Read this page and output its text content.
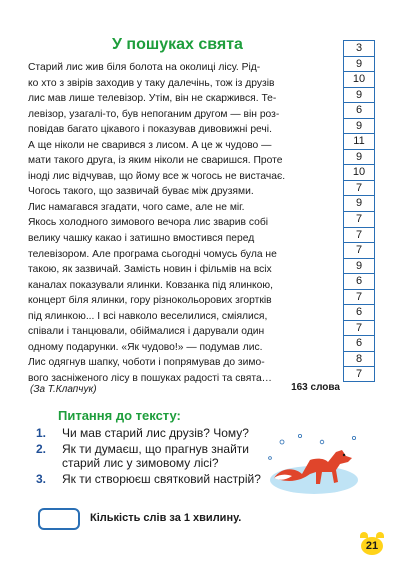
У пошуках свята
Старий лис жив біля болота на околиці лісу. Рід-
ко хто з звірів заходив у таку далечінь, тож із друзів
лис мав лише телевізор. Утім, він не скаржився. Те-
левізор, узагалі-то, був непоганим другом — він роз-
повідав багато цікавого і показував дивовижні речі.
А ще ніколи не сварився з лисом. А це ж чудово —
мати такого друга, із яким ніколи не сваришся. Проте
іноді лис відчував, що йому все ж чогось не вистачає.
Чогось такого, що зазвичай буває між друзями.
Лис намагався згадати, чого саме, але не міг.
Якось холодного зимового вечора лис зварив собі
велику чашку какао і затишно вмостився перед
телевізором. Але програма сьогодні чомусь була не
такою, як зазвичай. Замість новин і фільмів на всіх
каналах показували ялинки. Ковзанка під ялинкою,
концерт біля ялинки, гору різнокольорових згортків
під ялинкою... І всі навколо веселилися, сміялися,
співали і танцювали, обіймалися і дарували один
одному подарунки. «Як чудово!» — подумав лис.
Лис одягнув шапку, чоботи і попрямував до зимо-
вого засніженого лісу в пошуках радості та свята…
3
9
10
9
6
9
11
9
10
7
9
7
7
7
9
6
7
6
7
6
8
7
(За Т.Клапчук)	163 слова
Питання до тексту:
1.	Чи мав старий лис друзів? Чому?
2.	Як ти думаєш, що прагнув знайти старий лис у зимовому лісі?
3.	Як ти створюєш святковий настрій?
Кількість слів за 1 хвилину.
21
